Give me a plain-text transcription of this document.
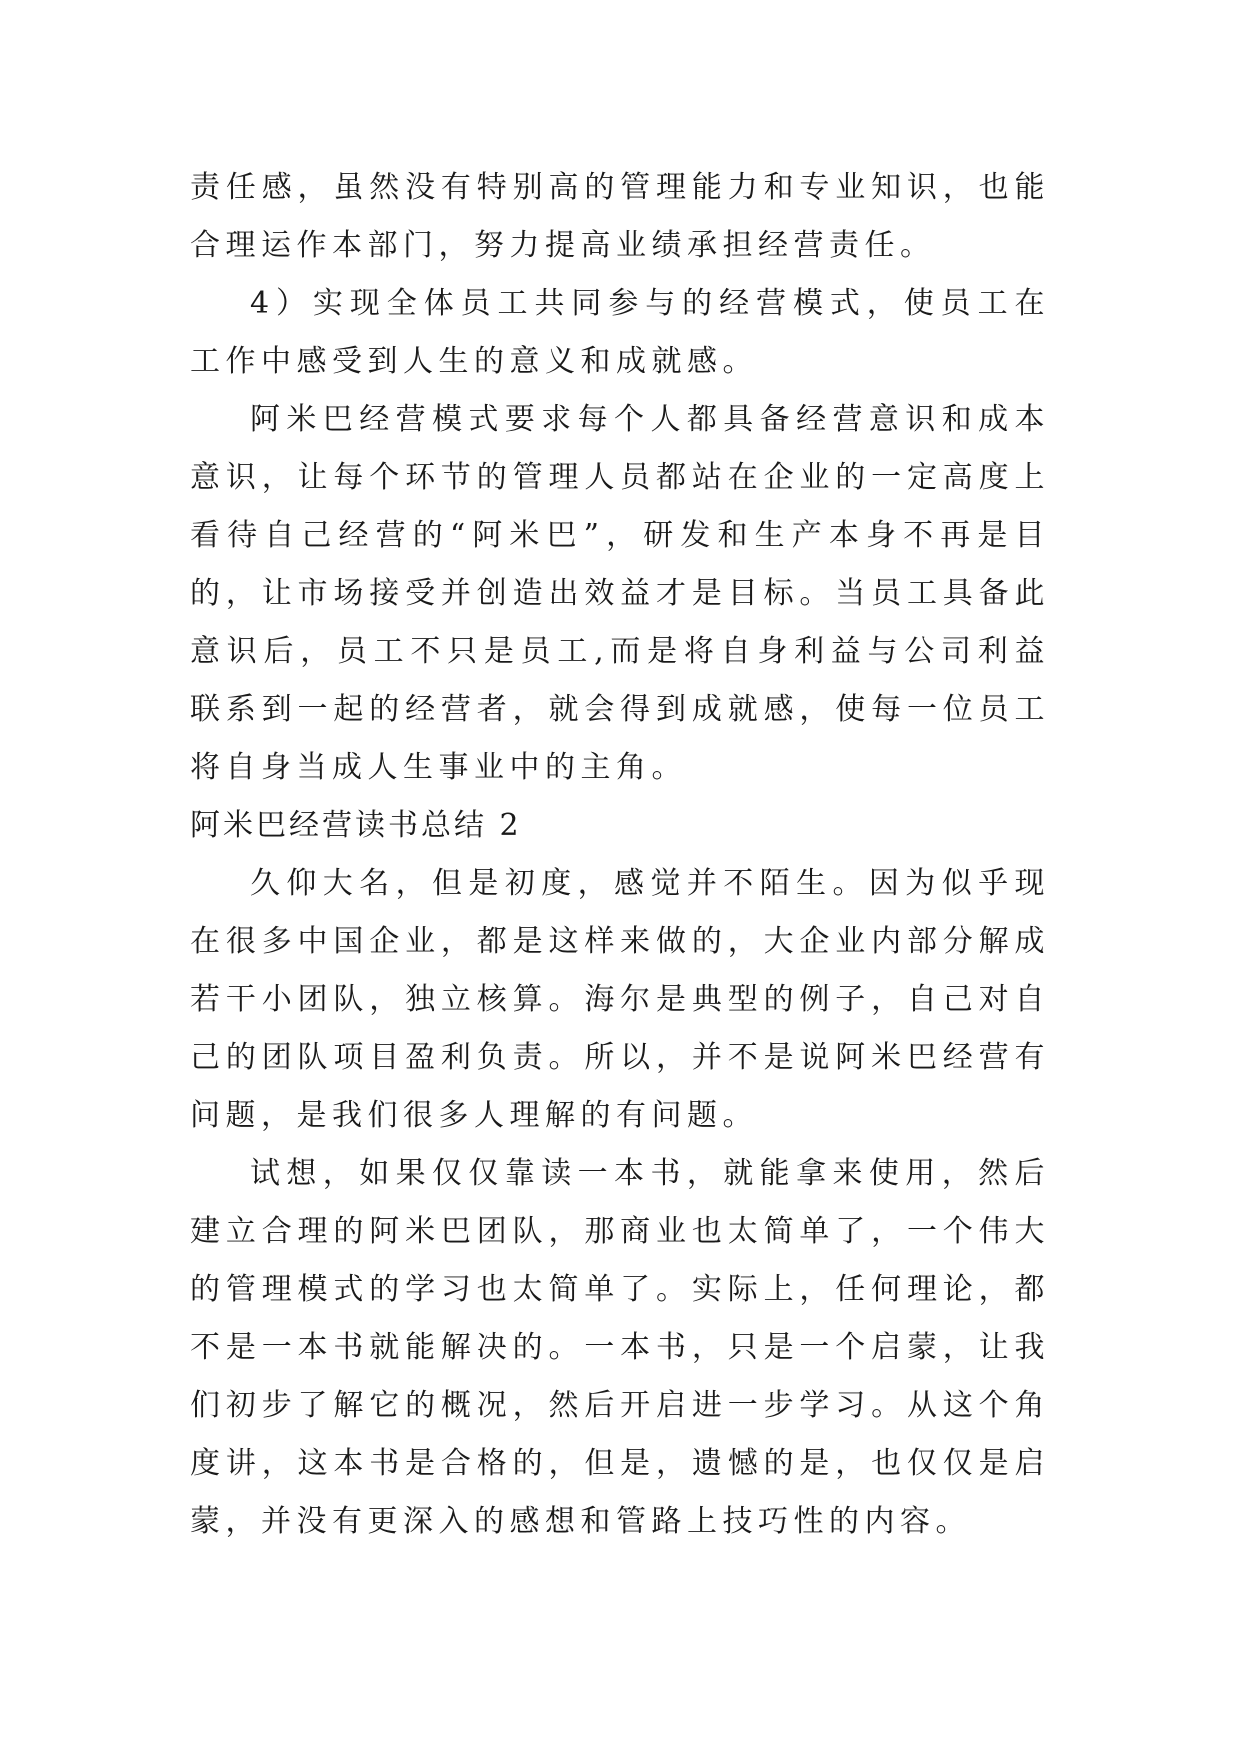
责任感，虽然没有特别高的管理能力和专业知识，也能合理运作本部门，努力提高业绩承担经营责任。

4）实现全体员工共同参与的经营模式，使员工在工作中感受到人生的意义和成就感。

阿米巴经营模式要求每个人都具备经营意识和成本意识，让每个环节的管理人员都站在企业的一定高度上看待自己经营的“阿米巴”，研发和生产本身不再是目的，让市场接受并创造出效益才是目标。当员工具备此意识后，员工不只是员工,而是将自身利益与公司利益联系到一起的经营者，就会得到成就感，使每一位员工将自身当成人生事业中的主角。

阿米巴经营读书总结 2

久仰大名，但是初度，感觉并不陌生。因为似乎现在很多中国企业，都是这样来做的，大企业内部分解成若干小团队，独立核算。海尔是典型的例子，自己对自己的团队项目盈利负责。所以，并不是说阿米巴经营有问题，是我们很多人理解的有问题。

试想，如果仅仅靠读一本书，就能拿来使用，然后建立合理的阿米巴团队，那商业也太简单了，一个伟大的管理模式的学习也太简单了。实际上，任何理论，都不是一本书就能解决的。一本书，只是一个启蒙，让我们初步了解它的概况，然后开启进一步学习。从这个角度讲，这本书是合格的，但是，遗憾的是，也仅仅是启蒙，并没有更深入的感想和管路上技巧性的内容。
